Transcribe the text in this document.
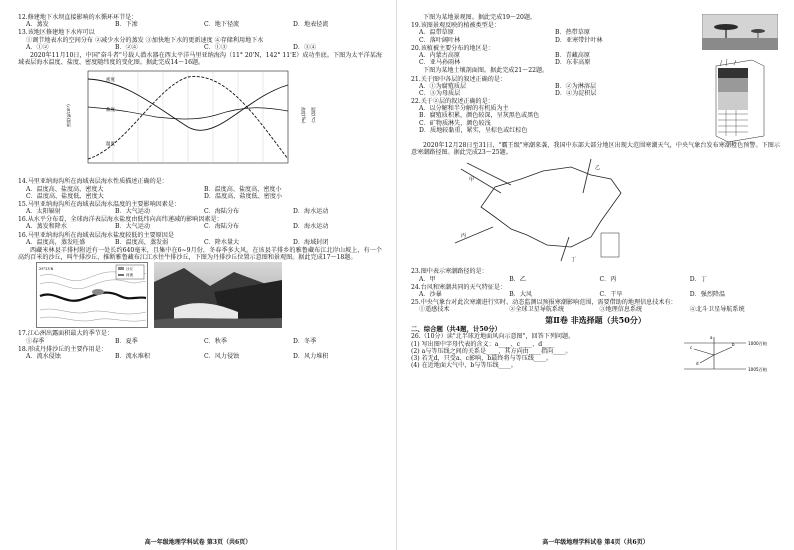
12.修建地下水坝直接影响的水循环环节是：
A．蒸发	B．下渗	C．地下径流	D．地表径流
13.该地区修建地下水库可以
①调节地表水的空间分布 ②减少水分的蒸发 ③加快地下水的更新速度 ④存储利用地下水
A．①②	B．②④	C．①③	D．③④
2020年11月10日，中国"奋斗者"号载人潜水器在西太平洋马里亚纳海沟（11° 20'N，142° 11'E）成功坐底。下图为太平洋某海域表层海水温度、盐度、密度随纬度的变化图。据此完成14～16题。
密度
盐度
温度
密度(g/cm³)	盐度(‰) 温度(℃)
14.马里亚纳海沟所在海域表层海水性质描述正确的是：
A．温度高、盐度高、密度大	B．温度高、盐度高、密度小
C．温度高、盐度低、密度大	D．温度高、盐度低、密度小
15.马里亚纳海沟所在海域表层海水温度的主要影响因素是：
A．太阳辐射	B．大气运动	C．海陆分布	D．海水运动
16.从水平分布看，全球海洋表层海水盐度由低纬向高纬递减的影响因素是：
A．蒸发和降水	B．大气运动	C．海陆分布	D．海水运动
16.马里亚纳海沟所在海域表层海水盐度较低的主要原因是
A．温度高，蒸发旺盛	B．温度高，蒸发弱	C．降水量大	D．海域封闭
西藏米林县羊排村附近有一处长约640毫米，且集中在6~9月份，冬春季多大风。在该县羊排乡的雅鲁藏布江北岸山坡上，有一个高约百米的沙丘，叫牛排沙丘，推断雅鲁藏布江江水往牛排沙丘，下图为丹排沙丘位置示意图和景观图。据此完成17～18题。
沙丘
河流
29°23'N
17.江心洲出露面积最大的季节是：
①春季	B．夏季	C．秋季	D．冬季
18.形成丹排沙丘的主要作用是：
A．流水侵蚀	B．流水堆积	C．风力侵蚀	D．风力堆积
高一年级地理学科试卷 第3页（共6页）
下图为某地景观图。据此完成19～20题。
19.该图景观反映的植被类型是：
A．温带草原	B．热带草原
C．落叶阔叶林	D．亚寒带针叶林
20.该植被主要分布的地区是：
A．内蒙古高原	B．青藏高原
C．亚马孙雨林	D．东非高原
下图为某地土壤剖面图。据此完成21～22题。
21.关于图中各层的叙述正确的是：
A．①为腐殖质层	B．②为淋溶层
C．③为母质层	D．④为淀积层
22.关于②层的叙述正确的是：
A．以分解和半分解的有机质为主
B．腐殖质积累，颜色较深，呈灰黑色或黑色
C．矿物质淋失，颜色较浅
D．质地较黏重，紧实，呈棕色或红棕色
2020年12月28日至31日，"霸王级"寒潮来袭，我国中东部大部分地区出现大范围寒潮天气，中央气象台发布寒潮橙色预警。下图示意寒潮路径图。据此完成23～25题。
甲
乙
丙
丁
23.图中表示寒潮路径的是：
A．甲	B．乙	C．丙	D．丁
24.台风和寒潮共同的天气特征是：
A．沙暴	B．大风	C．干旱	D．强烈降温
25.中央气象台对此次寒潮进行实时、动态监测以预报寒潮影响范围，需要借助的地理信息技术有：
①遥感技术	②全球卫星导航系统	③地理信息系统	④北斗卫星导航系统
第Ⅱ卷 非选择题（共50分）
二、综合题（共4题，计50分）
26.（10分）读"北半球近地面风向示意图"，回答下列问题。
(1) 写出图中字母代表的含义：a____、c____、d____
(2) a与等压线之间的关系是____，其方向由____指向____。
(3) 若无d，只受a、c影响，b最终将与等压线____。
(4) 在近地面大气中，b与等压线____。
1000百帕
1005百帕
a
b
c
d
高一年级地理学科试卷 第4页（共6页）
